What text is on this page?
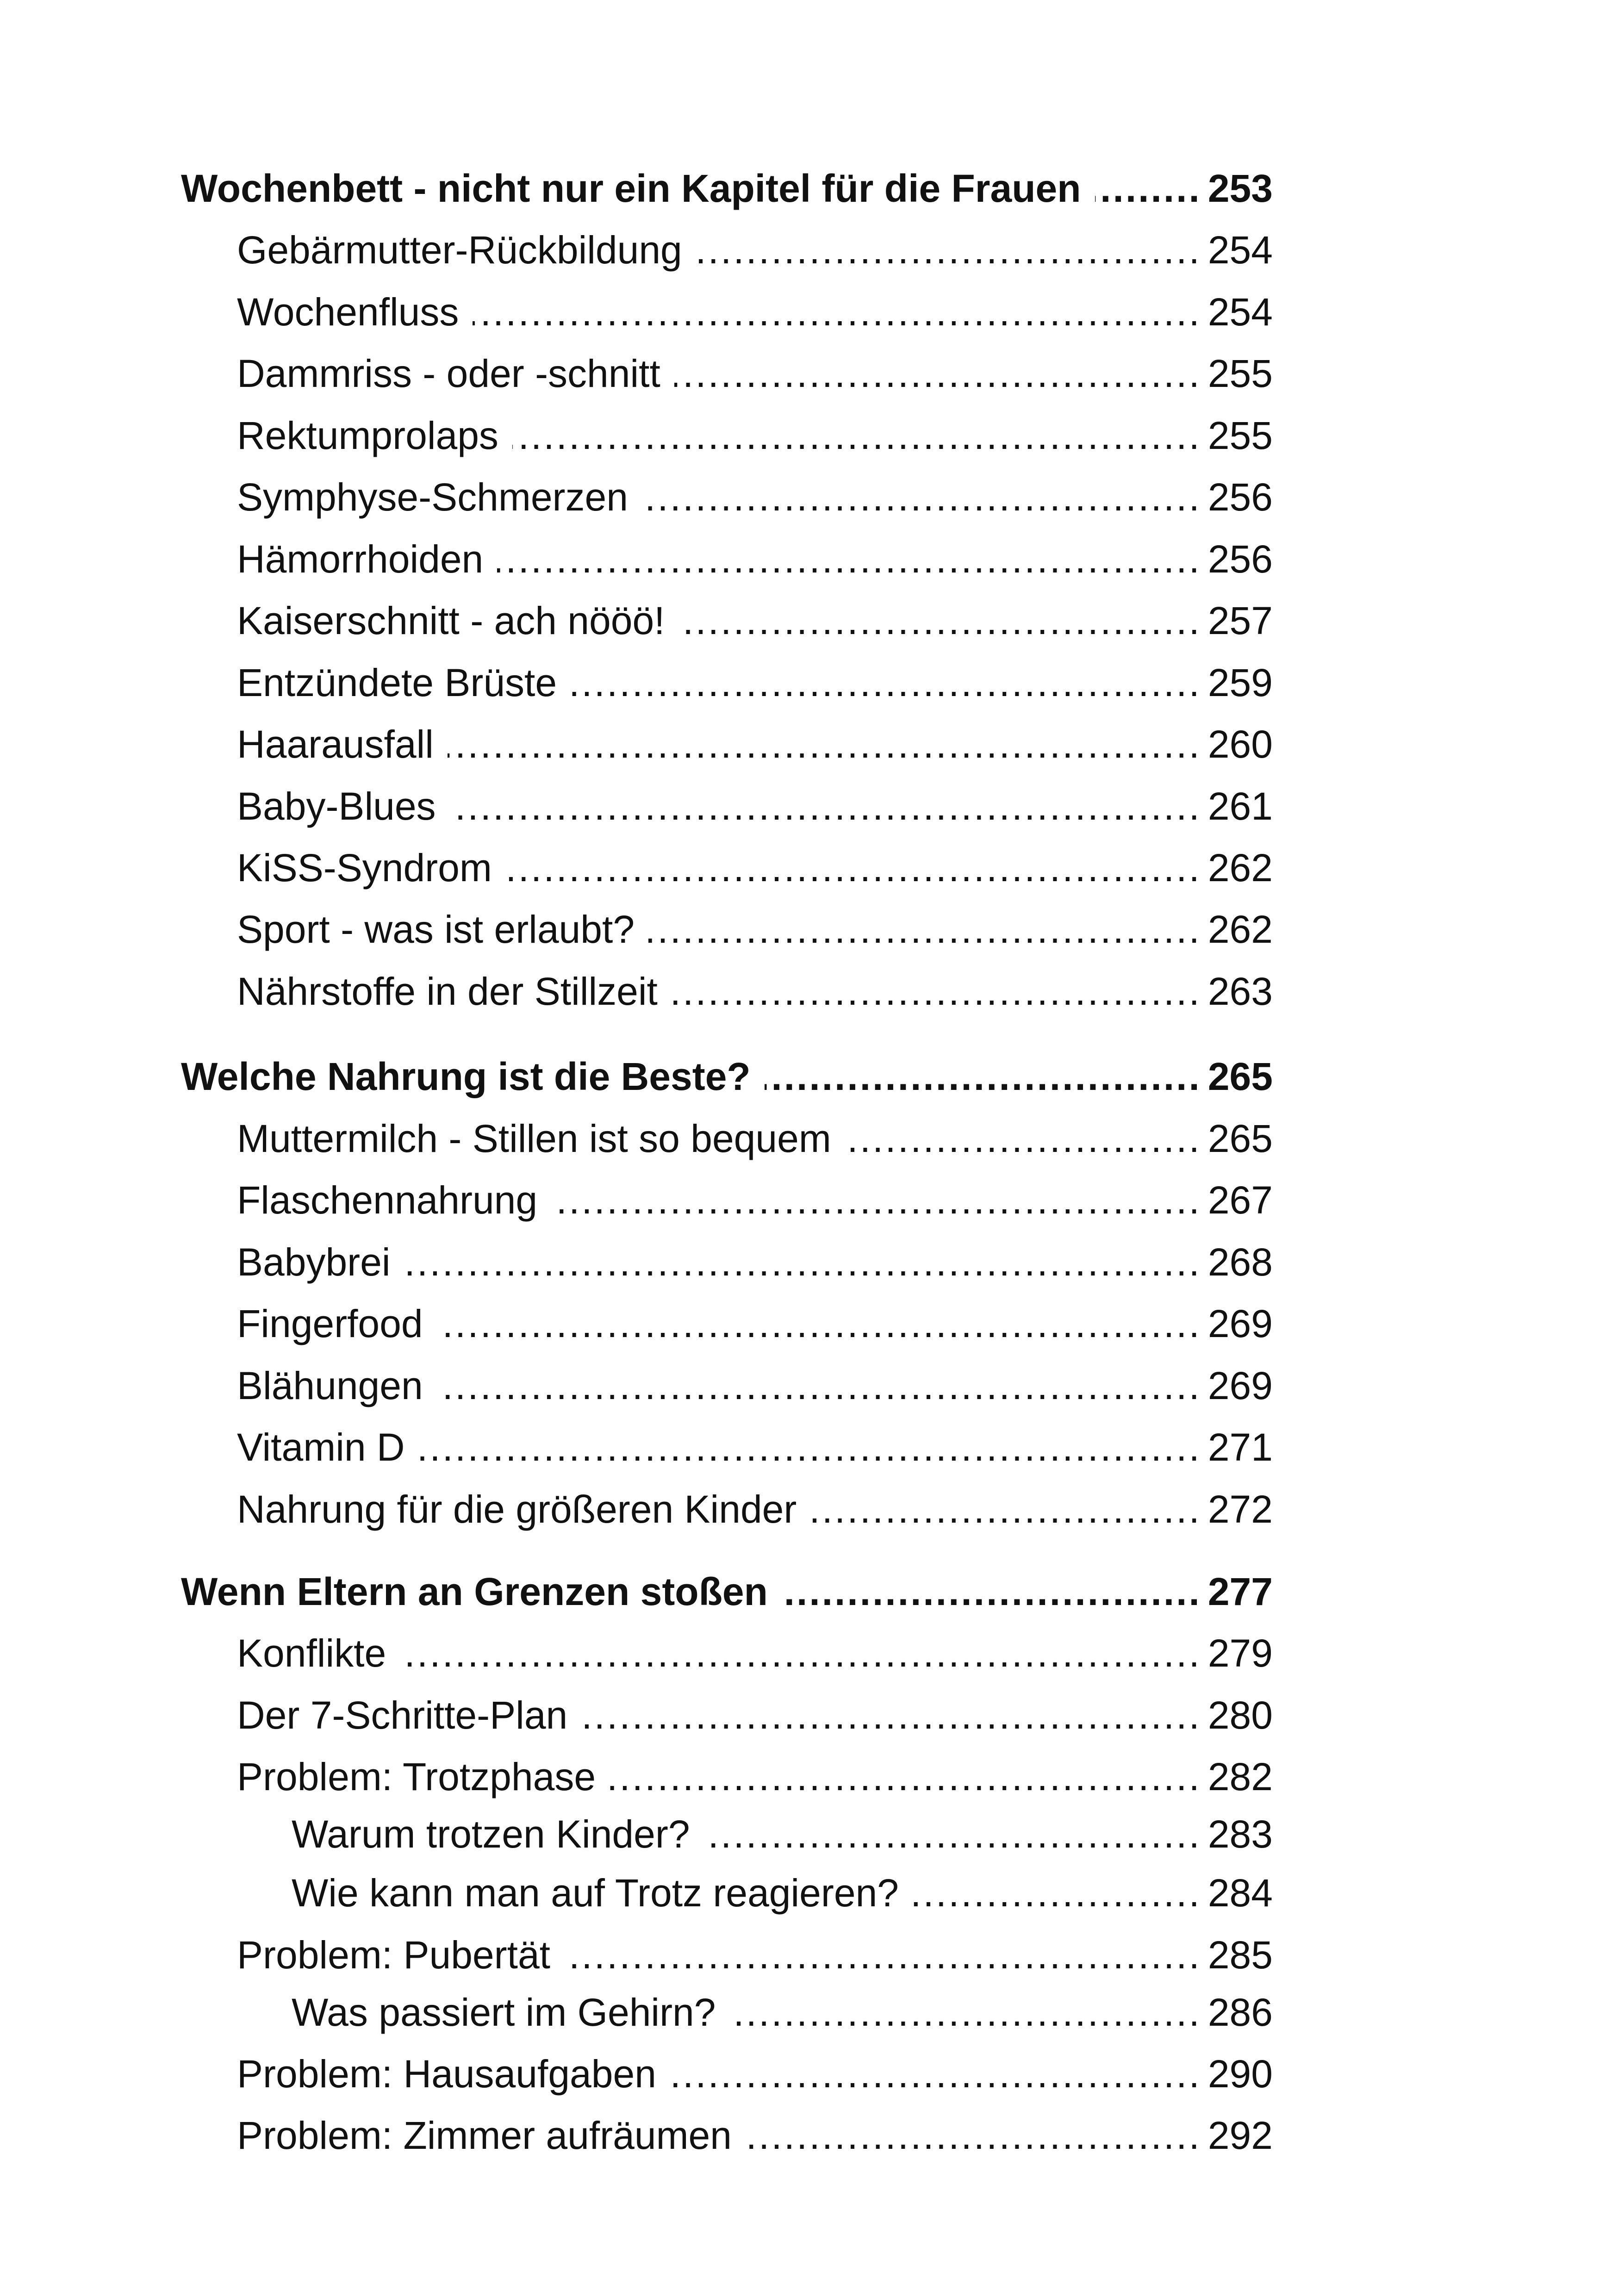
Wochenbett - nicht nur ein Kapitel für die Frauen .....	253
Gebärmutter-Rückbildung .....	254
Wochenfluss .....	254
Dammriss - oder -schnitt .....	255
Rektumprolaps .....	255
Symphyse-Schmerzen .....	256
Hämorrhoiden .....	256
Kaiserschnitt - ach nööö! .....	257
Entzündete Brüste .....	259
Haarausfall .....	260
Baby-Blues .....	261
KiSS-Syndrom .....	262
Sport - was ist erlaubt? .....	262
Nährstoffe in der Stillzeit .....	263
Welche Nahrung ist die Beste? .....	265
Muttermilch - Stillen ist so bequem .....	265
Flaschennahrung .....	267
Babybrei .....	268
Fingerfood .....	269
Blähungen .....	269
Vitamin D .....	271
Nahrung für die größeren Kinder .....	272
Wenn Eltern an Grenzen stoßen .....	277
Konflikte .....	279
Der 7-Schritte-Plan .....	280
Problem: Trotzphase .....	282
Warum trotzen Kinder? .....	283
Wie kann man auf Trotz reagieren? .....	284
Problem: Pubertät .....	285
Was passiert im Gehirn? .....	286
Problem: Hausaufgaben .....	290
Problem: Zimmer aufräumen .....	292
